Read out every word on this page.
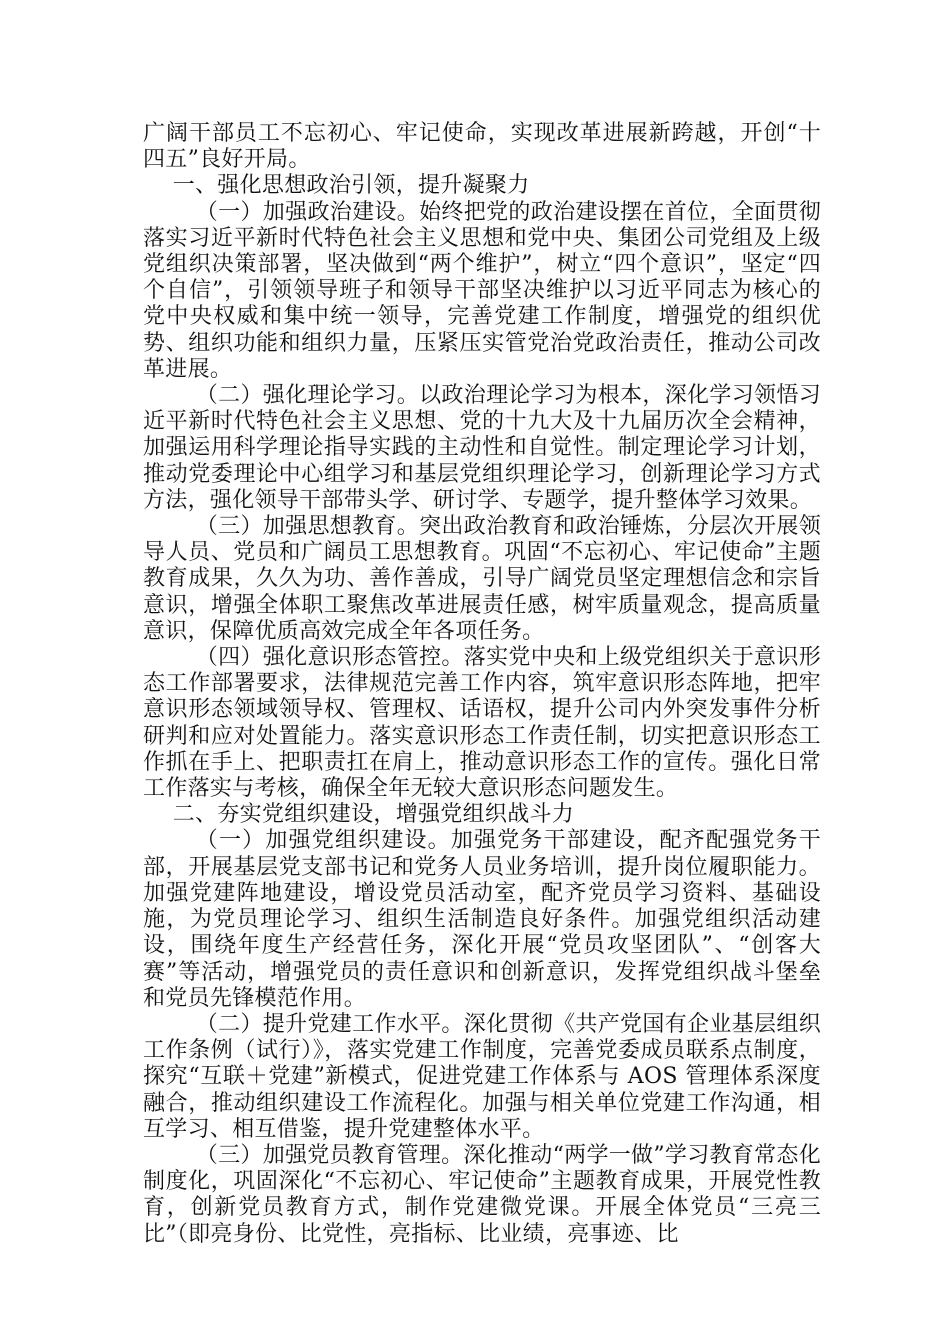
广阔干部员工不忘初心、牢记使命，实现改革进展新跨越，开创“十四五”良好开局。

一、强化思想政治引领，提升凝聚力

（一）加强政治建设。始终把党的政治建设摆在首位，全面贯彻落实习近平新时代特色社会主义思想和党中央、集团公司党组及上级党组织决策部署，坚决做到“两个维护”，树立“四个意识”，坚定“四个自信”，引领领导班子和领导干部坚决维护以习近平同志为核心的党中央权威和集中统一领导，完善党建工作制度，增强党的组织优势、组织功能和组织力量，压紧压实管党治党政治责任，推动公司改革进展。

（二）强化理论学习。以政治理论学习为根本，深化学习领悟习近平新时代特色社会主义思想、党的十九大及十九届历次全会精神，加强运用科学理论指导实践的主动性和自觉性。制定理论学习计划，推动党委理论中心组学习和基层党组织理论学习，创新理论学习方式方法，强化领导干部带头学、研讨学、专题学，提升整体学习效果。

（三）加强思想教育。突出政治教育和政治锤炼，分层次开展领导人员、党员和广阔员工思想教育。巩固“不忘初心、牢记使命”主题教育成果，久久为功、善作善成，引导广阔党员坚定理想信念和宗旨意识，增强全体职工聚焦改革进展责任感，树牢质量观念，提高质量意识，保障优质高效完成全年各项任务。

（四）强化意识形态管控。落实党中央和上级党组织关于意识形态工作部署要求，法律规范完善工作内容，筑牢意识形态阵地，把牢意识形态领域领导权、管理权、话语权，提升公司内外突发事件分析研判和应对处置能力。落实意识形态工作责任制，切实把意识形态工作抓在手上、把职责扛在肩上，推动意识形态工作的宣传。强化日常工作落实与考核，确保全年无较大意识形态问题发生。

二、夯实党组织建设，增强党组织战斗力

（一）加强党组织建设。加强党务干部建设，配齐配强党务干部，开展基层党支部书记和党务人员业务培训，提升岗位履职能力。加强党建阵地建设，增设党员活动室，配齐党员学习资料、基础设施，为党员理论学习、组织生活制造良好条件。加强党组织活动建设，围绕年度生产经营任务，深化开展“党员攻坚团队”、“创客大赛”等活动，增强党员的责任意识和创新意识，发挥党组织战斗堡垒和党员先锋模范作用。

（二）提升党建工作水平。深化贯彻《共产党国有企业基层组织工作条例（试行）》，落实党建工作制度，完善党委成员联系点制度，探究“互联＋党建”新模式，促进党建工作体系与 AOS 管理体系深度融合，推动组织建设工作流程化。加强与相关单位党建工作沟通，相互学习、相互借鉴，提升党建整体水平。

（三）加强党员教育管理。深化推动“两学一做”学习教育常态化制度化，巩固深化“不忘初心、牢记使命”主题教育成果，开展党性教育，创新党员教育方式，制作党建微党课。开展全体党员“三亮三比”（即亮身份、比党性，亮指标、比业绩，亮事迹、比
